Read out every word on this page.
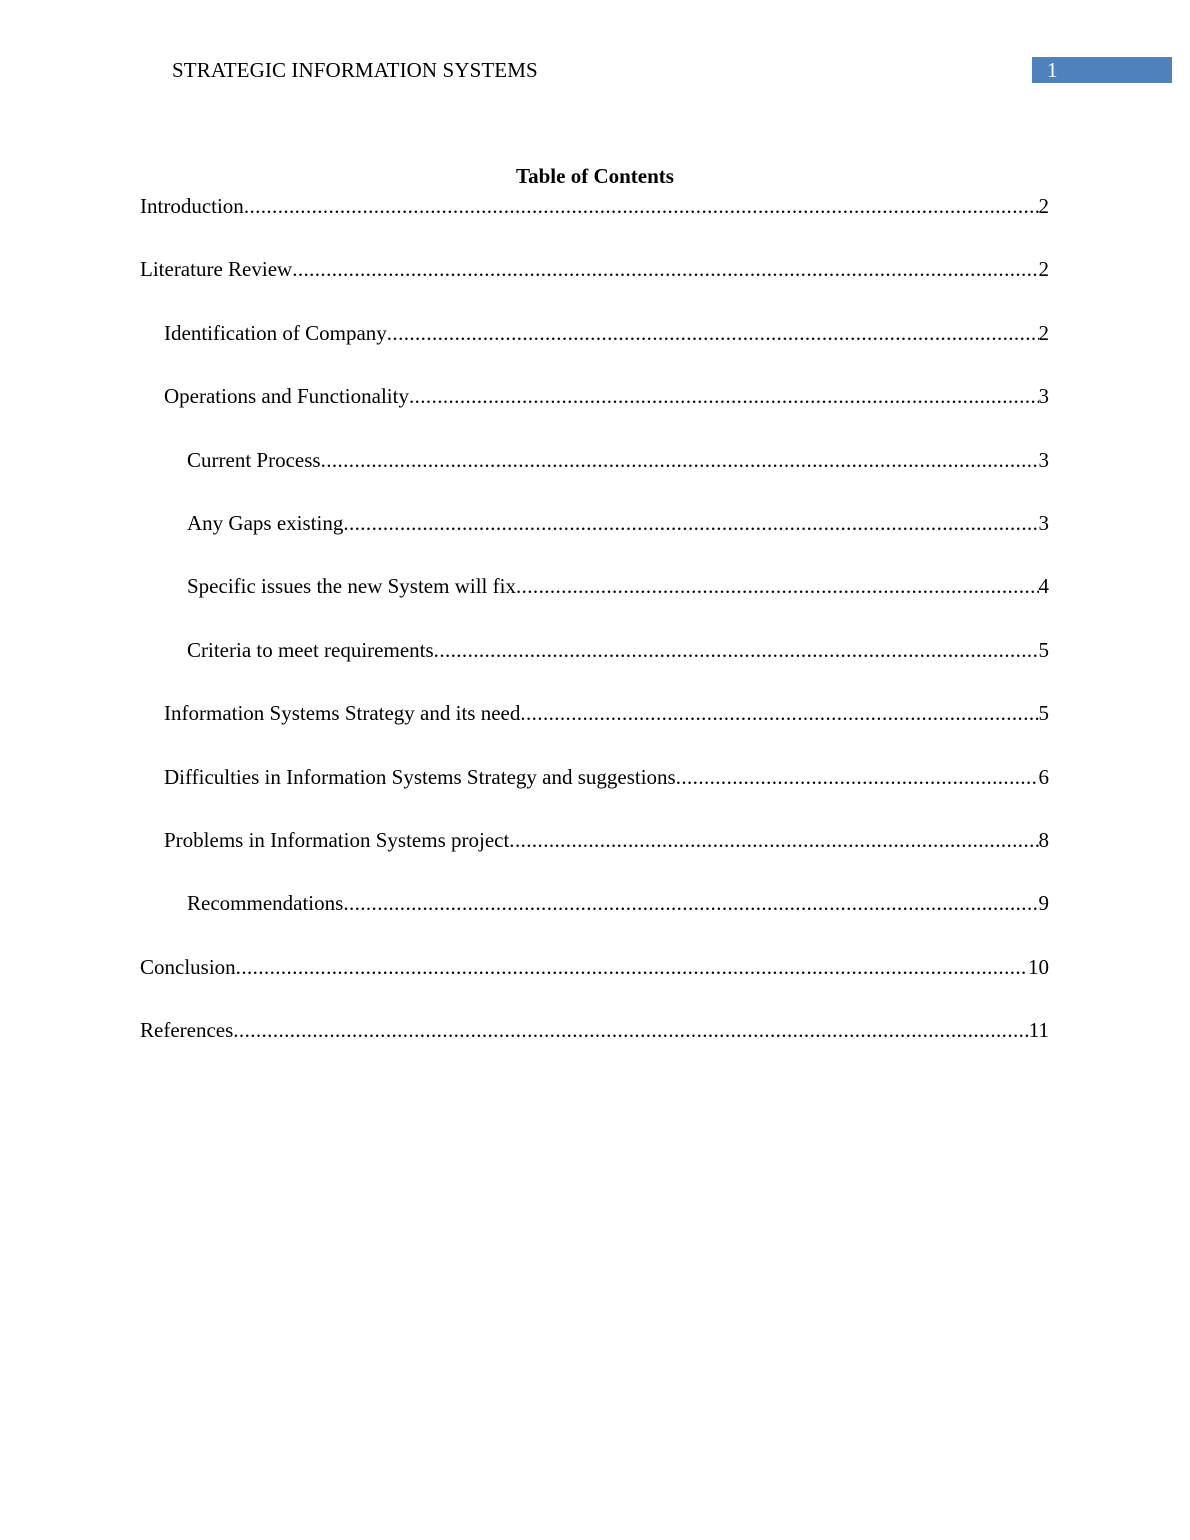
STRATEGIC INFORMATION SYSTEMS	1
Table of Contents
Introduction .....	2
Literature Review .....	2
Identification of Company .....	2
Operations and Functionality .....	3
Current Process .....	3
Any Gaps existing .....	3
Specific issues the new System will fix .....	4
Criteria to meet requirements .....	5
Information Systems Strategy and its need .....	5
Difficulties in Information Systems Strategy and suggestions .....	6
Problems in Information Systems project .....	8
Recommendations .....	9
Conclusion .....	10
References .....	11
